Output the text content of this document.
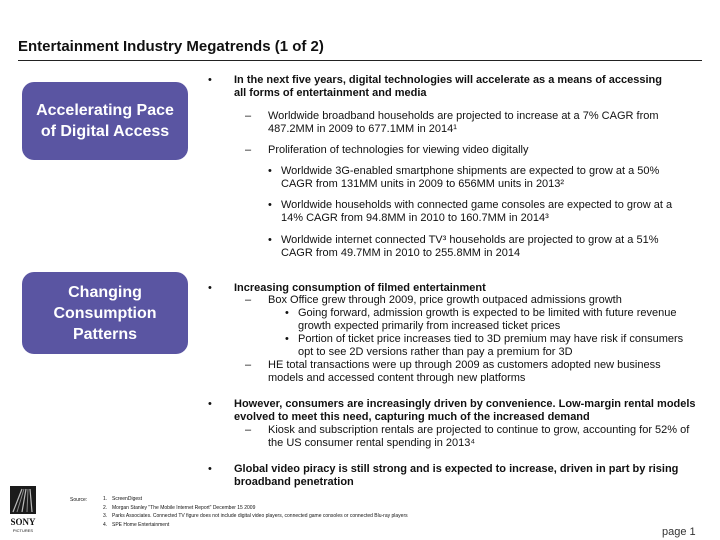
Entertainment Industry Megatrends (1 of 2)
Accelerating Pace of Digital Access
Changing Consumption Patterns
• In the next five years, digital technologies will accelerate as a means of accessing all forms of entertainment and media
– Worldwide broadband households are projected to increase at a 7% CAGR from 487.2MM in 2009 to 677.1MM in 2014¹
– Proliferation of technologies for viewing video digitally
• Worldwide 3G-enabled smartphone shipments are expected to grow at a 50% CAGR from 131MM units in 2009 to 656MM units in 2013²
• Worldwide households with connected game consoles are expected to grow at a 14% CAGR from 94.8MM in 2010 to 160.7MM in 2014³
• Worldwide internet connected TV³ households are projected to grow at a 51% CAGR from 49.7MM in 2010 to 255.8MM in 2014
• Increasing consumption of filmed entertainment
– Box Office grew through 2009, price growth outpaced admissions growth
• Going forward, admission growth is expected to be limited with future revenue growth expected primarily from increased ticket prices
• Portion of ticket price increases tied to 3D premium may have risk if consumers opt to see 2D versions rather than pay a premium for 3D
– HE total transactions were up through 2009 as customers adopted new business models and accessed content through new platforms
• However, consumers are increasingly driven by convenience. Low-margin rental models evolved to meet this need, capturing much of the increased demand
– Kiosk and subscription rentals are projected to continue to grow, accounting for 52% of the US consumer rental spending in 2013⁴
• Global video piracy is still strong and is expected to increase, driven in part by rising broadband penetration
SONY
PICTURES
Source:	1. ScreenDigest
2. Morgan Stanley "The Mobile Internet Report" December 15 2009
3. Parks Associates. Connected TV figure does not include digital video players, connected game consoles or connected Blu-ray players
4. SPE Home Entertainment
page 1
